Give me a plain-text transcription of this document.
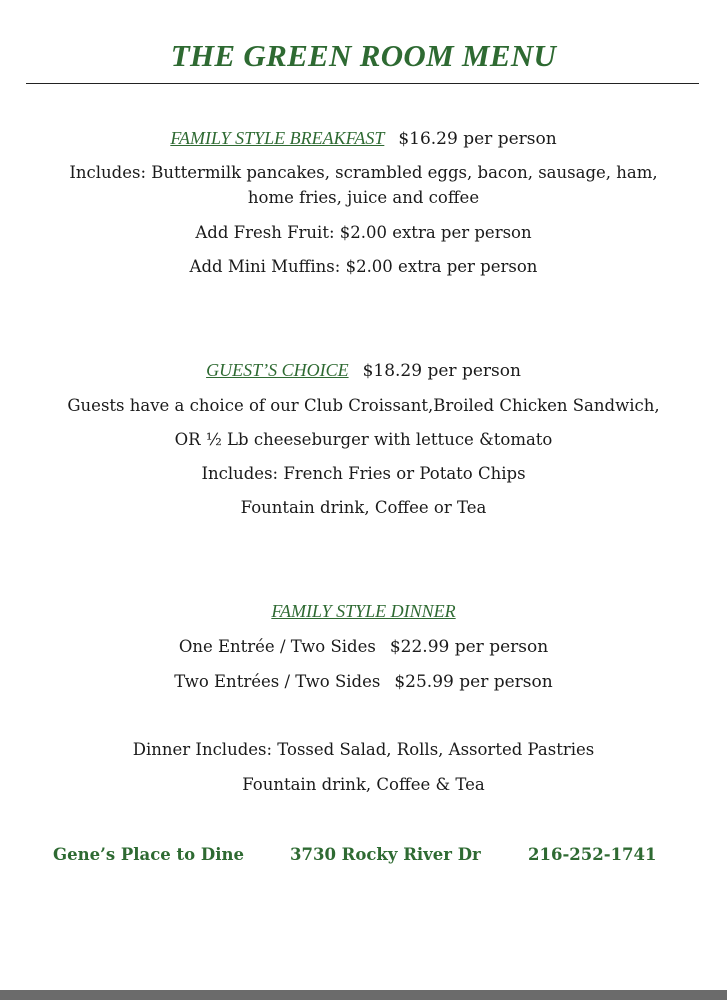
THE GREEN ROOM MENU
FAMILY STYLE BREAKFAST $16.29 per person
Includes: Buttermilk pancakes, scrambled eggs, bacon, sausage, ham,
home fries, juice and coffee
Add Fresh Fruit: $2.00 extra per person
Add Mini Muffins: $2.00 extra per person
GUEST’S CHOICE $18.29 per person
Guests have a choice of our Club Croissant,Broiled Chicken Sandwich,
OR ½ Lb cheeseburger with lettuce &tomato
Includes: French Fries or Potato Chips
Fountain drink, Coffee or Tea
FAMILY STYLE DINNER
One Entrée / Two Sides $22.99 per person
Two Entrées / Two Sides $25.99 per person
Dinner Includes: Tossed Salad, Rolls, Assorted Pastries
Fountain drink, Coffee & Tea
Gene’s Place to Dine	3730 Rocky River Dr	216-252-1741
